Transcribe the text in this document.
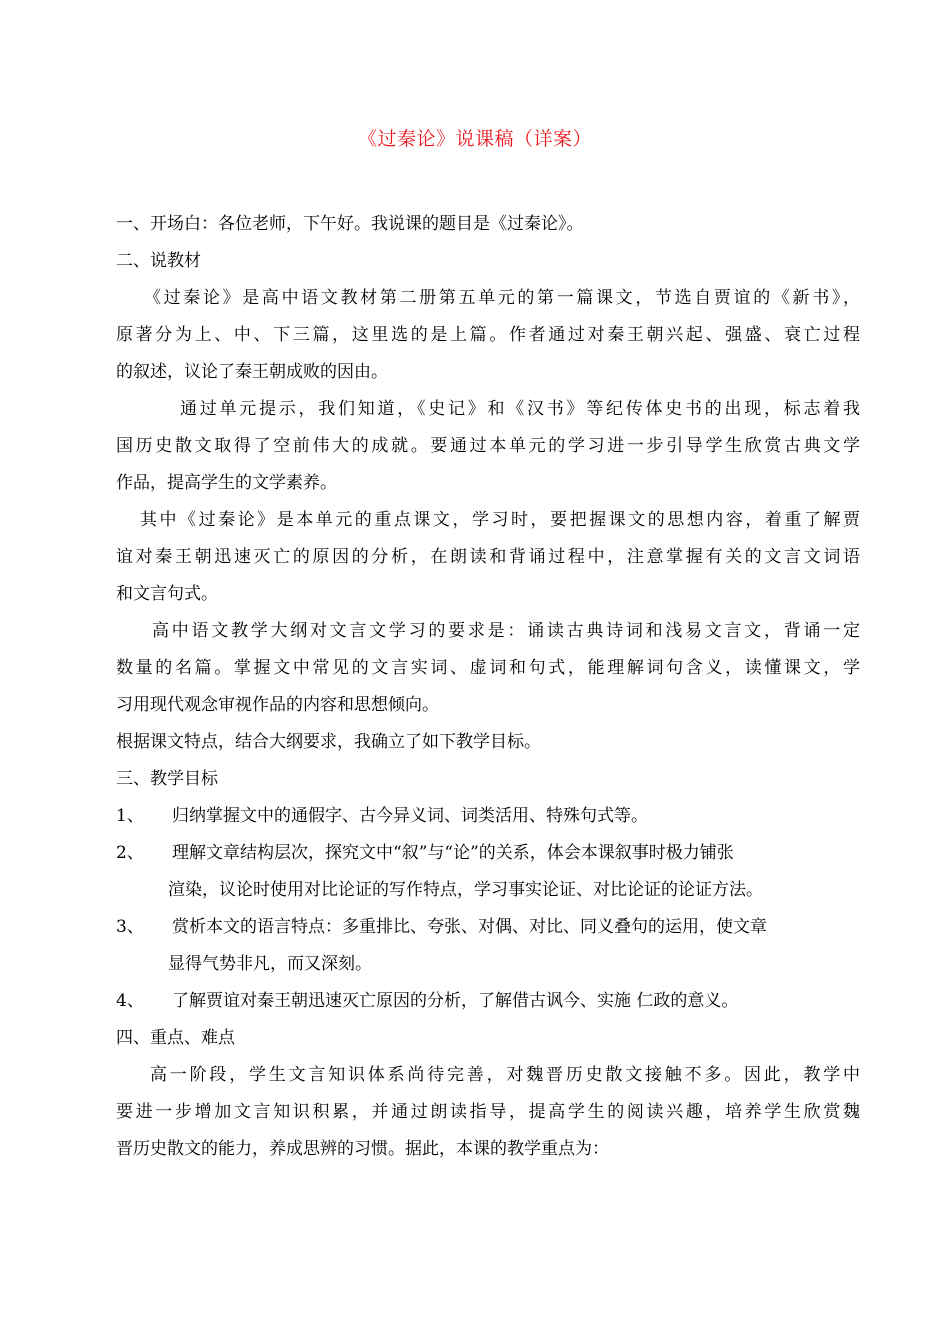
《过秦论》说课稿（详案）
一、开场白：各位老师，下午好。我说课的题目是《过秦论》。
二、说教材
《过秦论》是高中语文教材第二册第五单元的第一篇课文，节选自贾谊的《新书》，
原著分为上、中、下三篇，这里选的是上篇。作者通过对秦王朝兴起、强盛、衰亡过程
的叙述，议论了秦王朝成败的因由。
通过单元提示，我们知道，《史记》和《汉书》等纪传体史书的出现，标志着我
国历史散文取得了空前伟大的成就。要通过本单元的学习进一步引导学生欣赏古典文学
作品，提高学生的文学素养。
其中《过秦论》是本单元的重点课文，学习时，要把握课文的思想内容，着重了解贾
谊对秦王朝迅速灭亡的原因的分析，在朗读和背诵过程中，注意掌握有关的文言文词语
和文言句式。
高中语文教学大纲对文言文学习的要求是：诵读古典诗词和浅易文言文，背诵一定
数量的名篇。掌握文中常见的文言实词、虚词和句式，能理解词句含义，读懂课文，学
习用现代观念审视作品的内容和思想倾向。
根据课文特点，结合大纲要求，我确立了如下教学目标。
三、教学目标
1、 归纳掌握文中的通假字、古今异义词、词类活用、特殊句式等。
2、 理解文章结构层次，探究文中“叙”与“论”的关系，体会本课叙事时极力铺张
渲染，议论时使用对比论证的写作特点，学习事实论证、对比论证的论证方法。
3、 赏析本文的语言特点：多重排比、夸张、对偶、对比、同义叠句的运用，使文章
显得气势非凡，而又深刻。
4、 了解贾谊对秦王朝迅速灭亡原因的分析，了解借古讽今、实施 仁政的意义。
四、重点、难点
高一阶段，学生文言知识体系尚待完善，对魏晋历史散文接触不多。因此，教学中
要进一步增加文言知识积累，并通过朗读指导，提高学生的阅读兴趣，培养学生欣赏魏
晋历史散文的能力，养成思辨的习惯。据此，本课的教学重点为：
